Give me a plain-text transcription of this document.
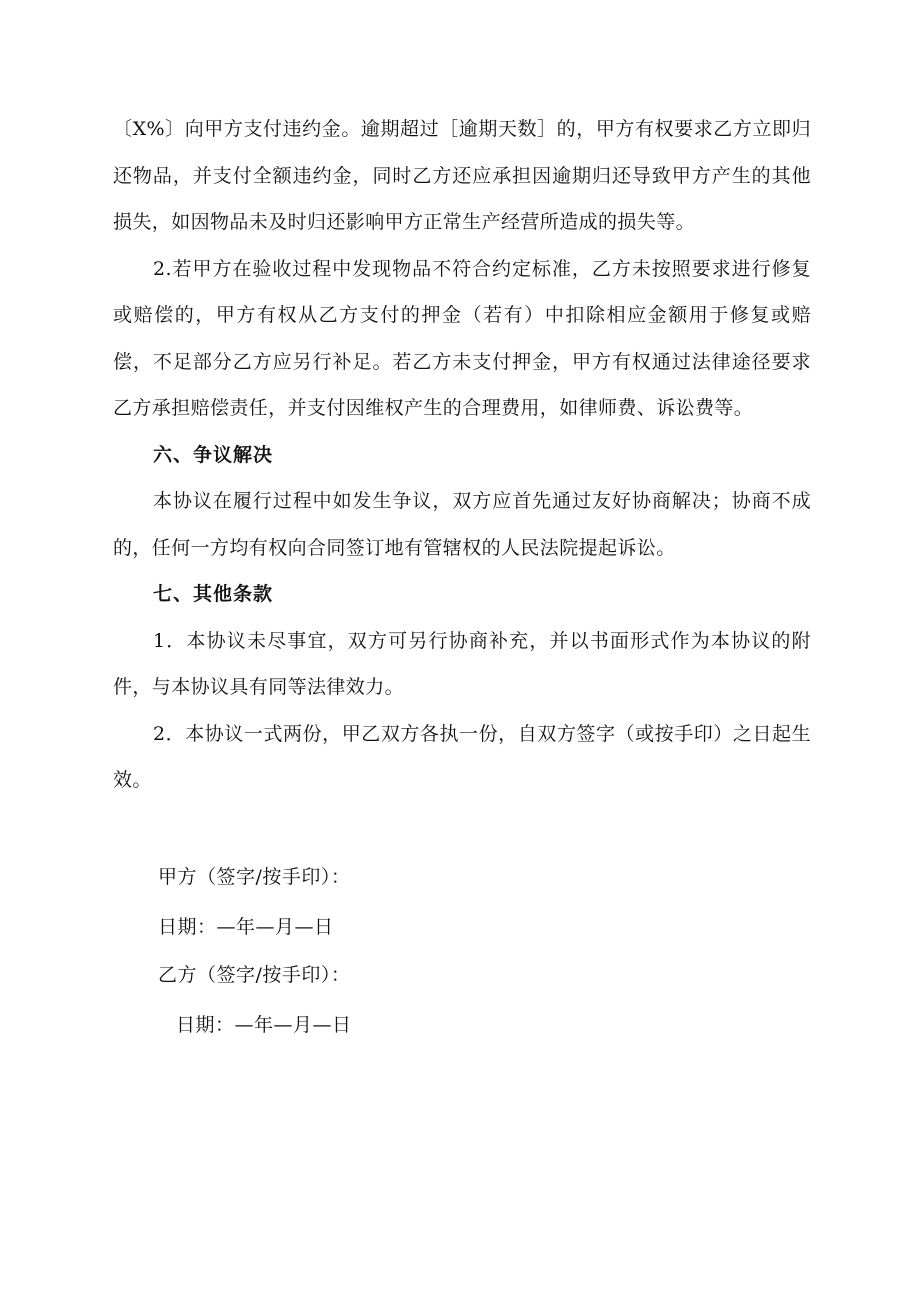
〔X%〕向甲方支付违约金。逾期超过［逾期天数］的，甲方有权要求乙方立即归还物品，并支付全额违约金，同时乙方还应承担因逾期归还导致甲方产生的其他损失，如因物品未及时归还影响甲方正常生产经营所造成的损失等。

2.若甲方在验收过程中发现物品不符合约定标准，乙方未按照要求进行修复或赔偿的，甲方有权从乙方支付的押金（若有）中扣除相应金额用于修复或赔偿，不足部分乙方应另行补足。若乙方未支付押金，甲方有权通过法律途径要求乙方承担赔偿责任，并支付因维权产生的合理费用，如律师费、诉讼费等。

六、争议解决

本协议在履行过程中如发生争议，双方应首先通过友好协商解决；协商不成的，任何一方均有权向合同签订地有管辖权的人民法院提起诉讼。

七、其他条款

1．本协议未尽事宜，双方可另行协商补充，并以书面形式作为本协议的附件，与本协议具有同等法律效力。

2．本协议一式两份，甲乙双方各执一份，自双方签字（或按手印）之日起生效。

甲方（签字/按手印）：
日期：—年—月—日
乙方（签字/按手印）：
日期：—年—月—日
